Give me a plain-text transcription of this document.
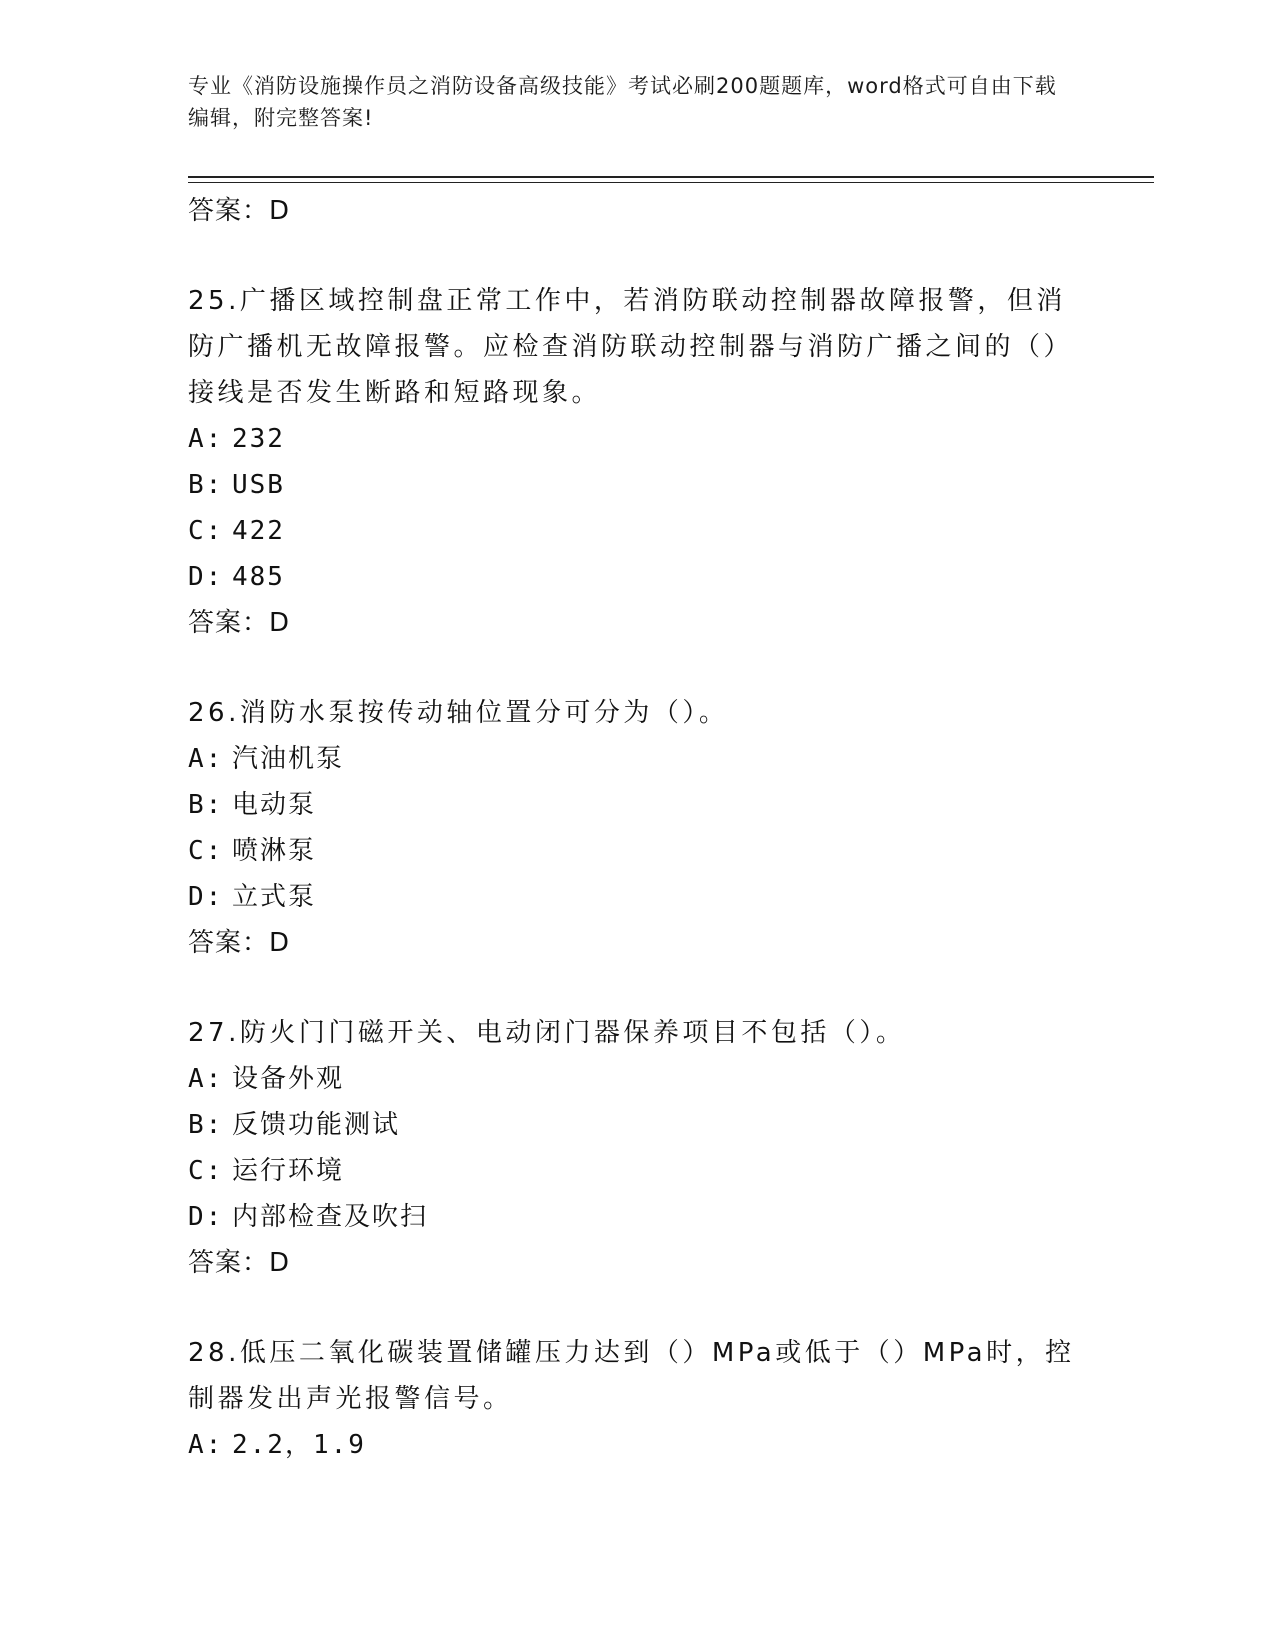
专业《消防设施操作员之消防设备高级技能》考试必刷200题题库，word格式可自由下载编辑，附完整答案!
答案：D
25.广播区域控制盘正常工作中，若消防联动控制器故障报警，但消防广播机无故障报警。应检查消防联动控制器与消防广播之间的（）接线是否发生断路和短路现象。
A: 232
B: USB
C: 422
D: 485
答案：D
26.消防水泵按传动轴位置分可分为（）。
A: 汽油机泵
B: 电动泵
C: 喷淋泵
D: 立式泵
答案：D
27.防火门门磁开关、电动闭门器保养项目不包括（）。
A: 设备外观
B: 反馈功能测试
C: 运行环境
D: 内部检查及吹扫
答案：D
28.低压二氧化碳装置储罐压力达到（）MPa或低于（）MPa时，控制器发出声光报警信号。
A: 2.2，1.9
